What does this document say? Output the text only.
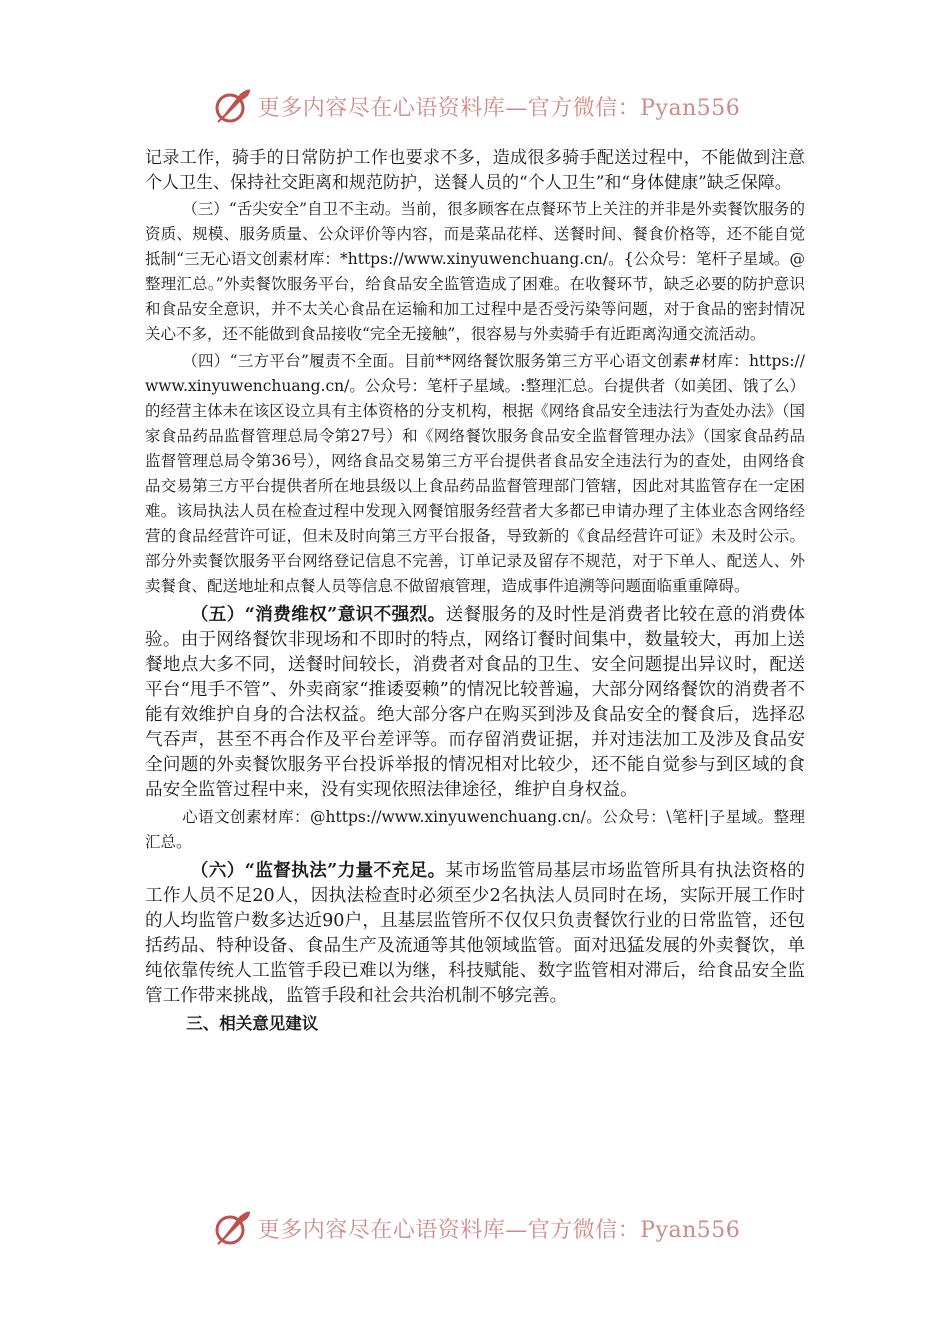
更多内容尽在心语资料库—官方微信：Pyan556

记录工作，骑手的日常防护工作也要求不多，造成很多骑手配送过程中，不能做到注意个人卫生、保持社交距离和规范防护，送餐人员的“个人卫生”和“身体健康”缺乏保障。

（三）“舌尖安全”自卫不主动。当前，很多顾客在点餐环节上关注的并非是外卖餐饮服务的资质、规模、服务质量、公众评价等内容，而是菜品花样、送餐时间、餐食价格等，还不能自觉抵制“三无心语文创素材库：*https://www.xinyuwenchuang.cn/。{公众号：笔杆子星域。@整理汇总。”外卖餐饮服务平台，给食品安全监管造成了困难。在收餐环节，缺乏必要的防护意识和食品安全意识，并不太关心食品在运输和加工过程中是否受污染等问题，对于食品的密封情况关心不多，还不能做到食品接收“完全无接触”，很容易与外卖骑手有近距离沟通交流活动。

（四）“三方平台”履责不全面。目前**网络餐饮服务第三方平心语文创素#材库：https://www.xinyuwenchuang.cn/。公众号：笔杆子星域。:整理汇总。台提供者（如美团、饿了么）的经营主体未在该区设立具有主体资格的分支机构，根据《网络食品安全违法行为查处办法》（国家食品药品监督管理总局令第27号）和《网络餐饮服务食品安全监督管理办法》（国家食品药品监督管理总局令第36号），网络食品交易第三方平台提供者食品安全违法行为的查处，由网络食品交易第三方平台提供者所在地县级以上食品药品监督管理部门管辖，因此对其监管存在一定困难。该局执法人员在检查过程中发现入网餐馆服务经营者大多都已申请办理了主体业态含网络经营的食品经营许可证，但未及时向第三方平台报备，导致新的《食品经营许可证》未及时公示。部分外卖餐饮服务平台网络登记信息不完善，订单记录及留存不规范，对于下单人、配送人、外卖餐食、配送地址和点餐人员等信息不做留痕管理，造成事件追溯等问题面临重重障碍。

（五）“消费维权”意识不强烈。送餐服务的及时性是消费者比较在意的消费体验。由于网络餐饮非现场和不即时的特点，网络订餐时间集中，数量较大，再加上送餐地点大多不同，送餐时间较长，消费者对食品的卫生、安全问题提出异议时，配送平台“甩手不管”、外卖商家“推诿耍赖”的情况比较普遍，大部分网络餐饮的消费者不能有效维护自身的合法权益。绝大部分客户在购买到涉及食品安全的餐食后，选择忍气吞声，甚至不再合作及平台差评等。而存留消费证据，并对违法加工及涉及食品安全问题的外卖餐饮服务平台投诉举报的情况相对比较少，还不能自觉参与到区域的食品安全监管过程中来，没有实现依照法律途径，维护自身权益。

心语文创素材库：@https://www.xinyuwenchuang.cn/。公众号：\笔杆|子星域。整理汇总。

（六）“监督执法”力量不充足。某市场监管局基层市场监管所具有执法资格的工作人员不足20人，因执法检查时必须至少2名执法人员同时在场，实际开展工作时的人均监管户数多达近90户，且基层监管所不仅仅只负责餐饮行业的日常监管，还包括药品、特种设备、食品生产及流通等其他领域监管。面对迅猛发展的外卖餐饮，单纯依靠传统人工监管手段已难以为继，科技赋能、数字监管相对滞后，给食品安全监管工作带来挑战，监管手段和社会共治机制不够完善。

三、相关意见建议

更多内容尽在心语资料库—官方微信：Pyan556
